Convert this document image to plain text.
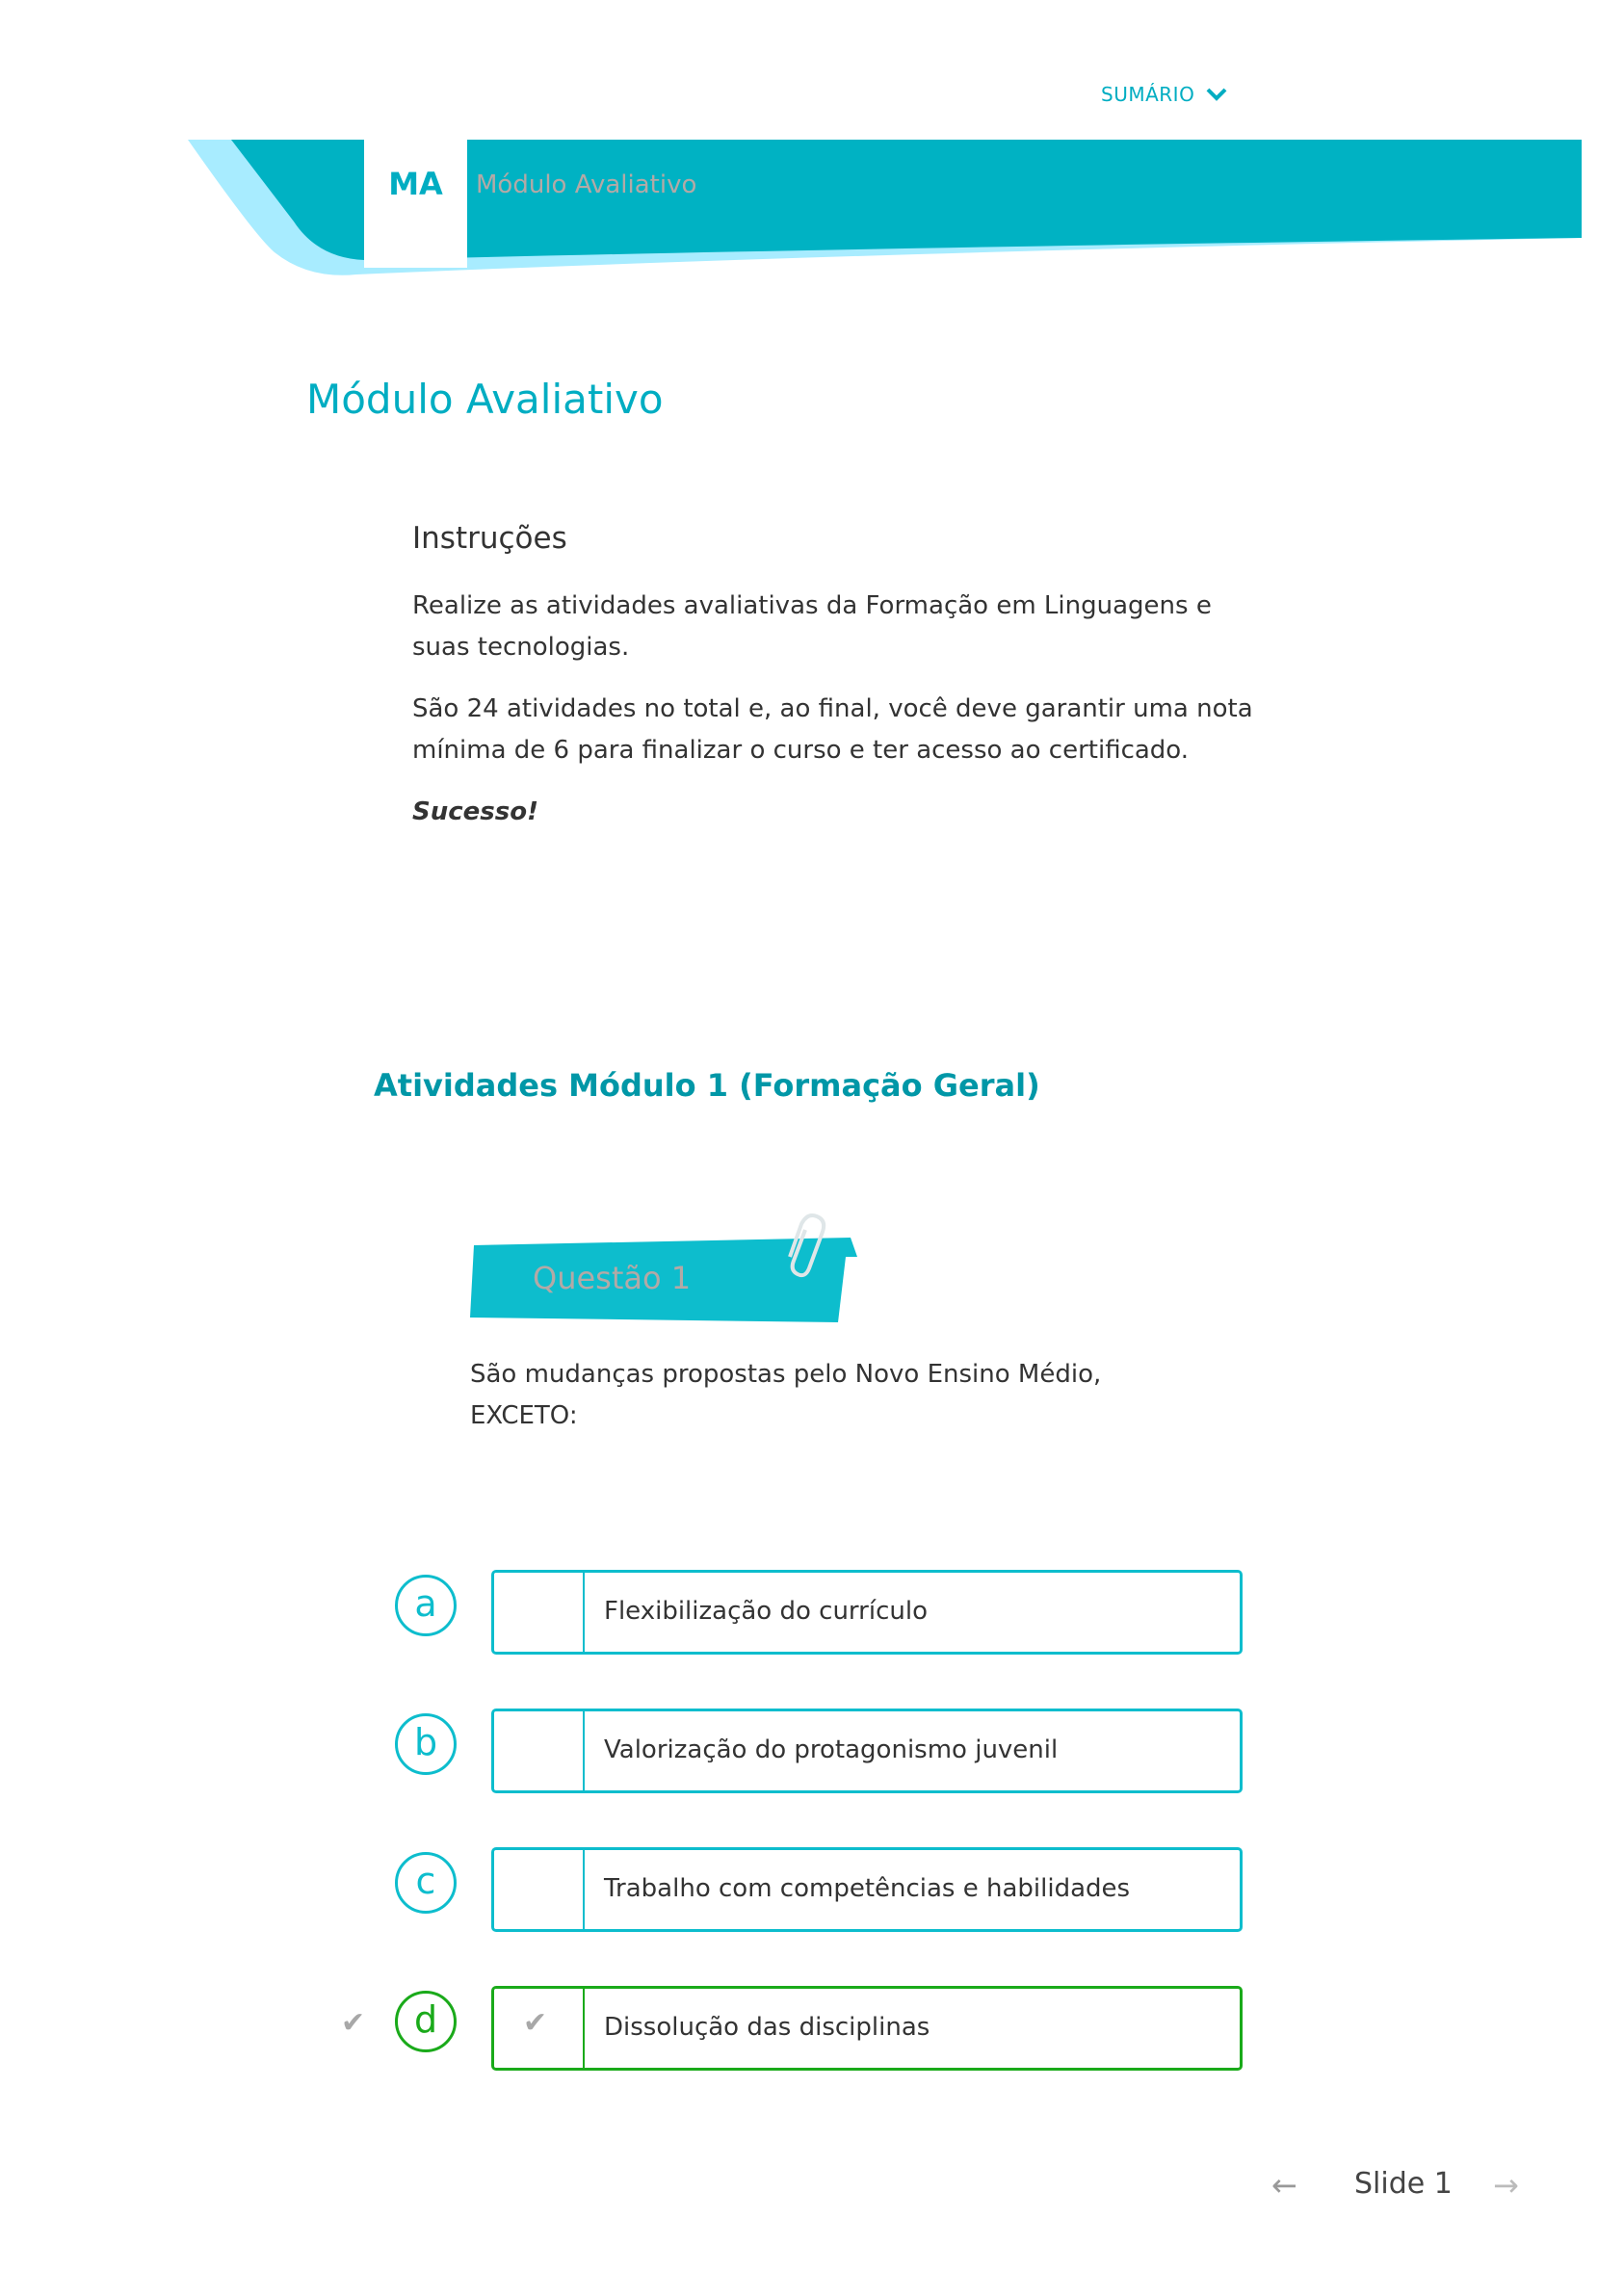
SUMÁRIO
MA	Módulo Avaliativo
Módulo Avaliativo
Instruções
Realize as atividades avaliativas da Formação em Linguagens e suas tecnologias.
São 24 atividades no total e, ao final, você deve garantir uma nota mínima de 6 para finalizar o curso e ter acesso ao certificado.
Sucesso!
Atividades Módulo 1 (Formação Geral)
Questão 1
São mudanças propostas pelo Novo Ensino Médio, EXCETO:
a	Flexibilização do currículo
b	Valorização do protagonismo juvenil
c	Trabalho com competências e habilidades
✔	d	✔ Dissolução das disciplinas
← Slide 1 →
